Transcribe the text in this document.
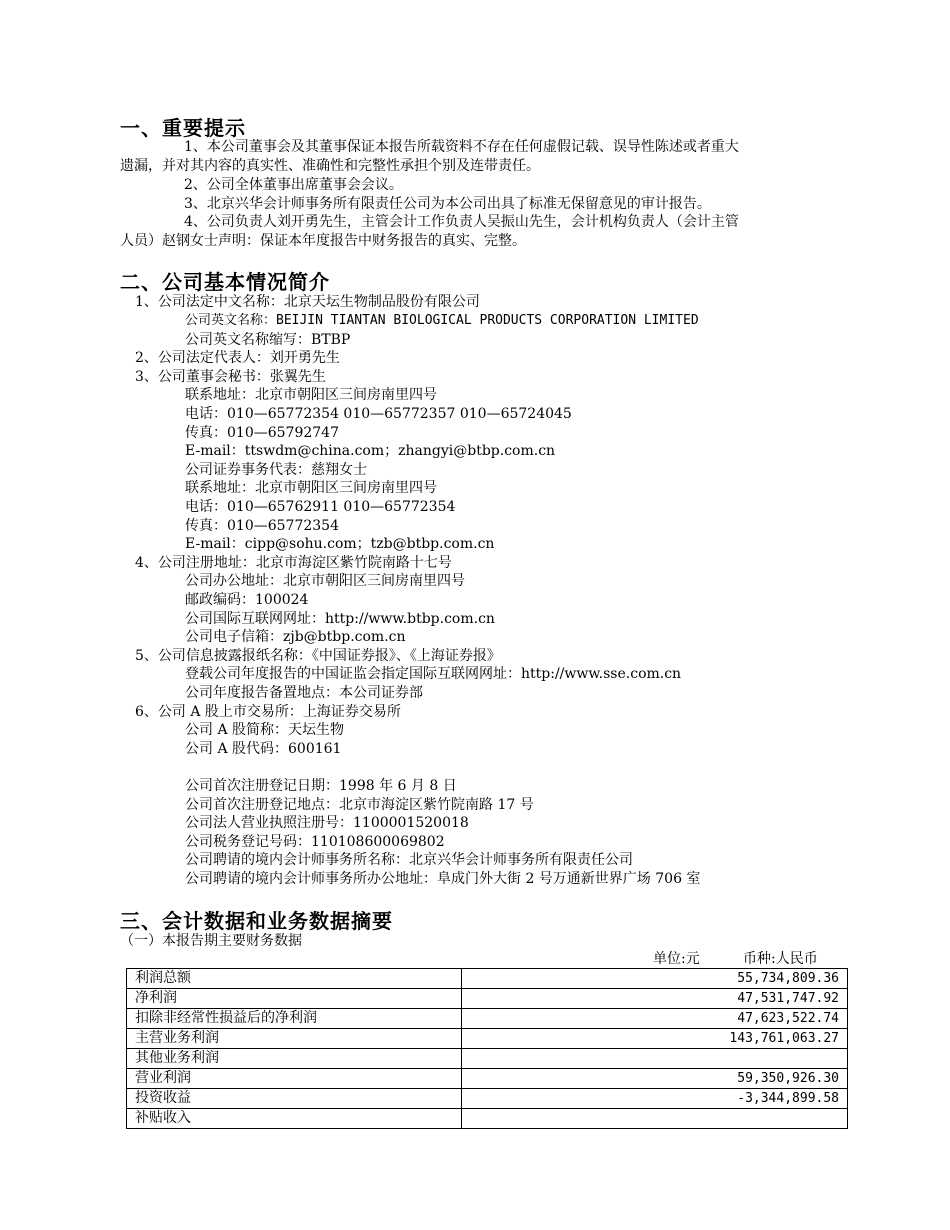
一、重要提示
1、本公司董事会及其董事保证本报告所载资料不存在任何虚假记载、误导性陈述或者重大
遗漏，并对其内容的真实性、准确性和完整性承担个别及连带责任。
2、公司全体董事出席董事会会议。
3、北京兴华会计师事务所有限责任公司为本公司出具了标准无保留意见的审计报告。
4、公司负责人刘开勇先生，主管会计工作负责人吴振山先生，会计机构负责人（会计主管
人员）赵钢女士声明：保证本年度报告中财务报告的真实、完整。
二、公司基本情况简介
1、公司法定中文名称：北京天坛生物制品股份有限公司
公司英文名称：BEIJIN TIANTAN BIOLOGICAL PRODUCTS CORPORATION LIMITED
公司英文名称缩写：BTBP
2、公司法定代表人：刘开勇先生
3、公司董事会秘书：张翼先生
联系地址：北京市朝阳区三间房南里四号
电话：010—65772354 010—65772357 010—65724045
传真：010—65792747
E-mail：ttswdm@china.com；zhangyi@btbp.com.cn
公司证券事务代表：慈翔女士
联系地址：北京市朝阳区三间房南里四号
电话：010—65762911 010—65772354
传真：010—65772354
E-mail：cipp@sohu.com；tzb@btbp.com.cn
4、公司注册地址：北京市海淀区紫竹院南路十七号
公司办公地址：北京市朝阳区三间房南里四号
邮政编码：100024
公司国际互联网网址：http://www.btbp.com.cn
公司电子信箱：zjb@btbp.com.cn
5、公司信息披露报纸名称：《中国证券报》、《上海证券报》
登载公司年度报告的中国证监会指定国际互联网网址：http://www.sse.com.cn
公司年度报告备置地点：本公司证券部
6、公司 A 股上市交易所：上海证券交易所
公司 A 股简称：天坛生物
公司 A 股代码：600161
公司首次注册登记日期：1998 年 6 月 8 日
公司首次注册登记地点：北京市海淀区紫竹院南路 17 号
公司法人营业执照注册号：1100001520018
公司税务登记号码：110108600069802
公司聘请的境内会计师事务所名称：北京兴华会计师事务所有限责任公司
公司聘请的境内会计师事务所办公地址：阜成门外大街 2 号万通新世界广场 706 室
三、会计数据和业务数据摘要
（一）本报告期主要财务数据
单位:元	币种:人民币
利润总额	55,734,809.36
净利润	47,531,747.92
扣除非经常性损益后的净利润	47,623,522.74
主营业务利润	143,761,063.27
其他业务利润	
营业利润	59,350,926.30
投资收益	-3,344,899.58
补贴收入	
